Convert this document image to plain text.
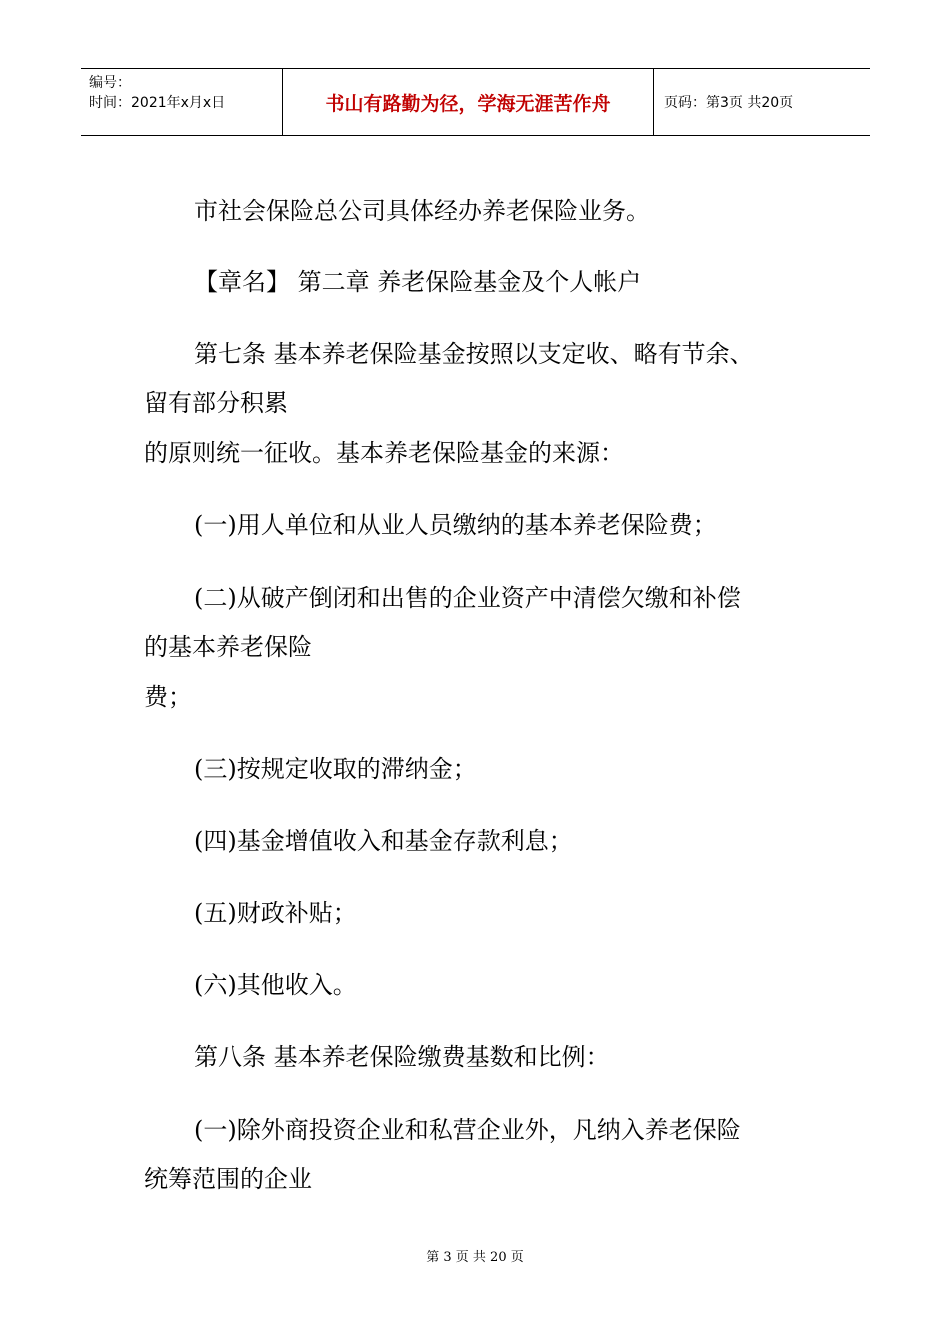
编号：
时间：2021年x月x日	书山有路勤为径，学海无涯苦作舟	页码：第3页 共20页
市社会保险总公司具体经办养老保险业务。
【章名】 第二章 养老保险基金及个人帐户
第七条 基本养老保险基金按照以支定收、略有节余、
留有部分积累
的原则统一征收。基本养老保险基金的来源：
(一)用人单位和从业人员缴纳的基本养老保险费；
(二)从破产倒闭和出售的企业资产中清偿欠缴和补偿
的基本养老保险
费；
(三)按规定收取的滞纳金；
(四)基金增值收入和基金存款利息；
(五)财政补贴；
(六)其他收入。
第八条 基本养老保险缴费基数和比例：
(一)除外商投资企业和私营企业外，凡纳入养老保险
统筹范围的企业
第 3 页 共 20 页
